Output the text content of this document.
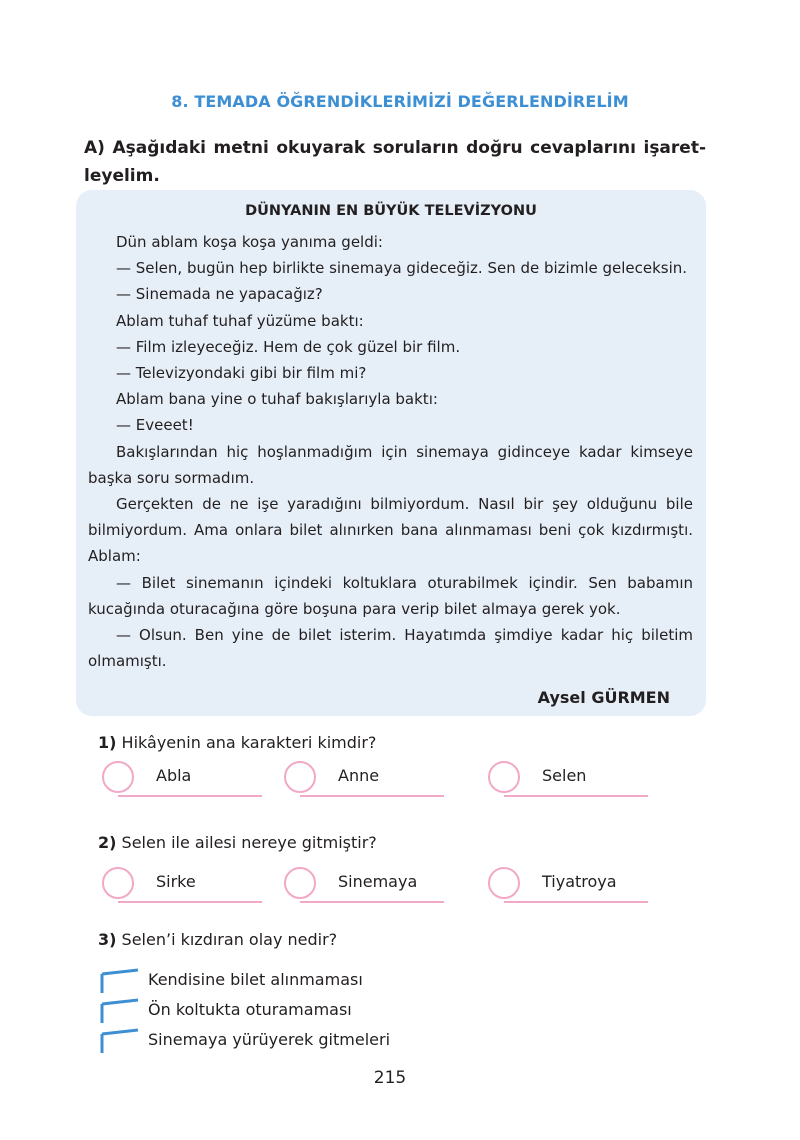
8. TEMADA ÖĞRENDİKLERİMİZİ DEĞERLENDİRELİM
A) Aşağıdaki metni okuyarak soruların doğru cevaplarını işaret-leyelim.
DÜNYANIN EN BÜYÜK TELEVİZYONU

Dün ablam koşa koşa yanıma geldi:

— Selen, bugün hep birlikte sinemaya gideceğiz. Sen de bizimle geleceksin.

— Sinemada ne yapacağız?

Ablam tuhaf tuhaf yüzüme baktı:

— Film izleyeceğiz. Hem de çok güzel bir film.

— Televizyondaki gibi bir film mi?

Ablam bana yine o tuhaf bakışlarıyla baktı:

— Eveeet!

Bakışlarından hiç hoşlanmadığım için sinemaya gidinceye kadar kimseye başka soru sormadım.

Gerçekten de ne işe yaradığını bilmiyordum. Nasıl bir şey olduğunu bile bilmiyordum. Ama onlara bilet alınırken bana alınmaması beni çok kızdırmıştı. Ablam:

— Bilet sinemanın içindeki koltuklara oturabilmek içindir. Sen babamın kucağında oturacağına göre boşuna para verip bilet almaya gerek yok.

— Olsun. Ben yine de bilet isterim. Hayatımda şimdiye kadar hiç biletim olmamıştı.

Aysel GÜRMEN
1) Hikâyenin ana karakteri kimdir?
Abla	Anne	Selen
2) Selen ile ailesi nereye gitmiştir?
Sirke	Sinemaya	Tiyatroya
3) Selen’i kızdıran olay nedir?
Kendisine bilet alınmaması
Ön koltukta oturamaması
Sinemaya yürüyerek gitmeleri
215
